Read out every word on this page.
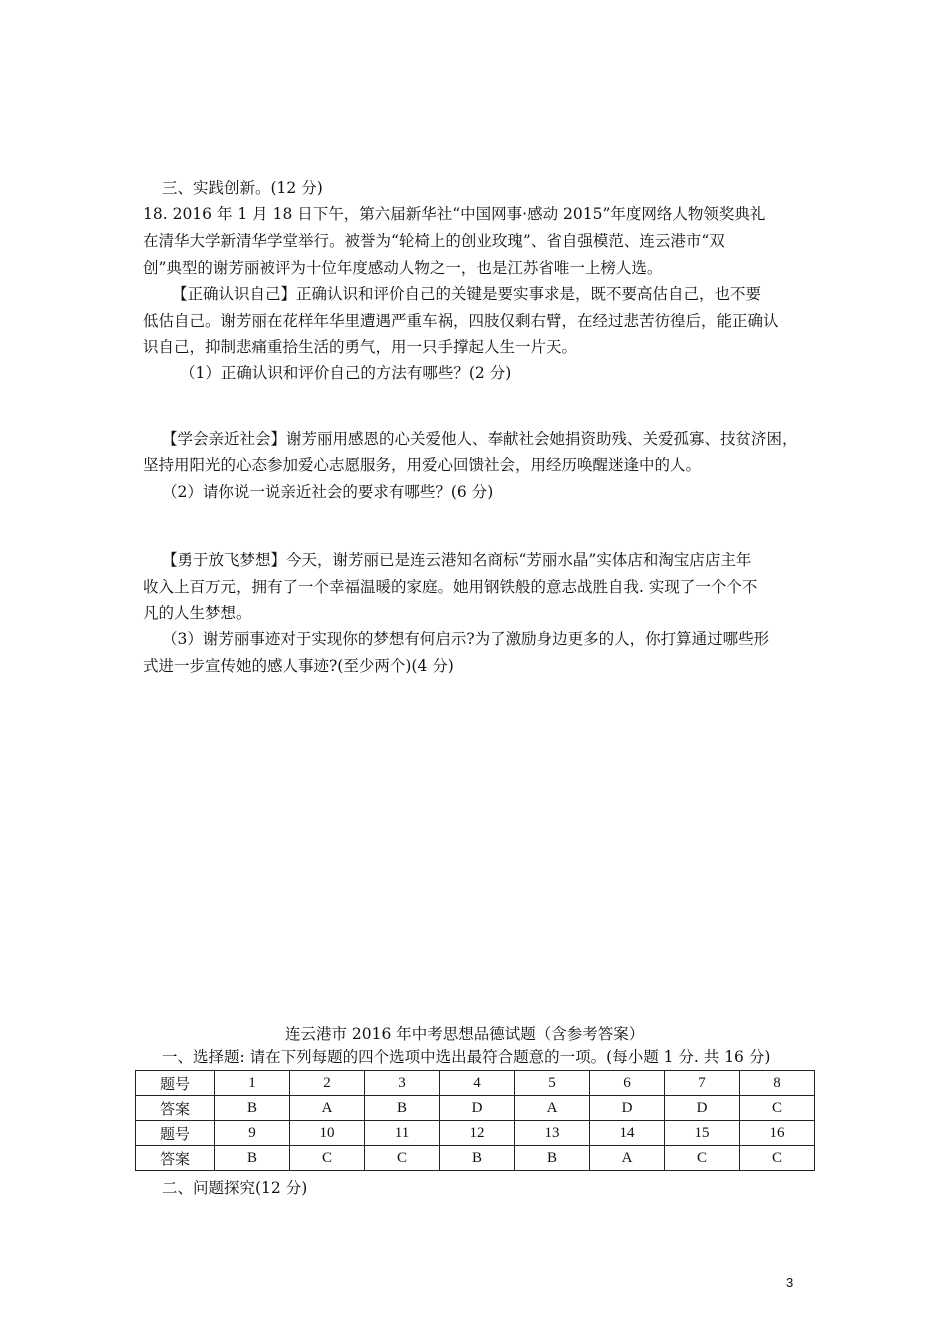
三、实践创新。(12 分)
18. 2016 年 1 月 18 日下午，第六届新华社“中国网事·感动 2015”年度网络人物领奖典礼
在清华大学新清华学堂举行。被誉为“轮椅上的创业玫瑰”、省自强模范、连云港市“双
创”典型的谢芳丽被评为十位年度感动人物之一，也是江苏省唯一上榜人选。
【正确认识自己】正确认识和评价自己的关键是要实事求是，既不要高估自己，也不要
低估自己。谢芳丽在花样年华里遭遇严重车祸，四肢仅剩右臂，在经过悲苦彷徨后，能正确认
识自己，抑制悲痛重拾生活的勇气，用一只手撑起人生一片天。
（1）正确认识和评价自己的方法有哪些？(2 分)
【学会亲近社会】谢芳丽用感恩的心关爱他人、奉献社会她捐资助残、关爱孤寡、技贫济困，
坚持用阳光的心态参加爱心志愿服务，用爱心回馈社会，用经历唤醒迷逢中的人。
（2）请你说一说亲近社会的要求有哪些？(6 分)
【勇于放飞梦想】今天，谢芳丽已是连云港知名商标“芳丽水晶”实体店和淘宝店店主年
收入上百万元，拥有了一个幸福温暖的家庭。她用钢铁般的意志战胜自我. 实现了一个个不
凡的人生梦想。
（3）谢芳丽事迹对于实现你的梦想有何启示?为了激励身边更多的人，你打算通过哪些形
式进一步宣传她的感人事迹?(至少两个)(4 分)
连云港市 2016 年中考思想品德试题（含参考答案）
一、选择题: 请在下列每题的四个选项中选出最符合题意的一项。(每小题 1 分. 共 16 分)
题号	1	2	3	4	5	6	7	8
答案	B	A	B	D	A	D	D	C
题号	9	10	11	12	13	14	15	16
答案	B	C	C	B	B	A	C	C
二、问题探究(12 分)
3
